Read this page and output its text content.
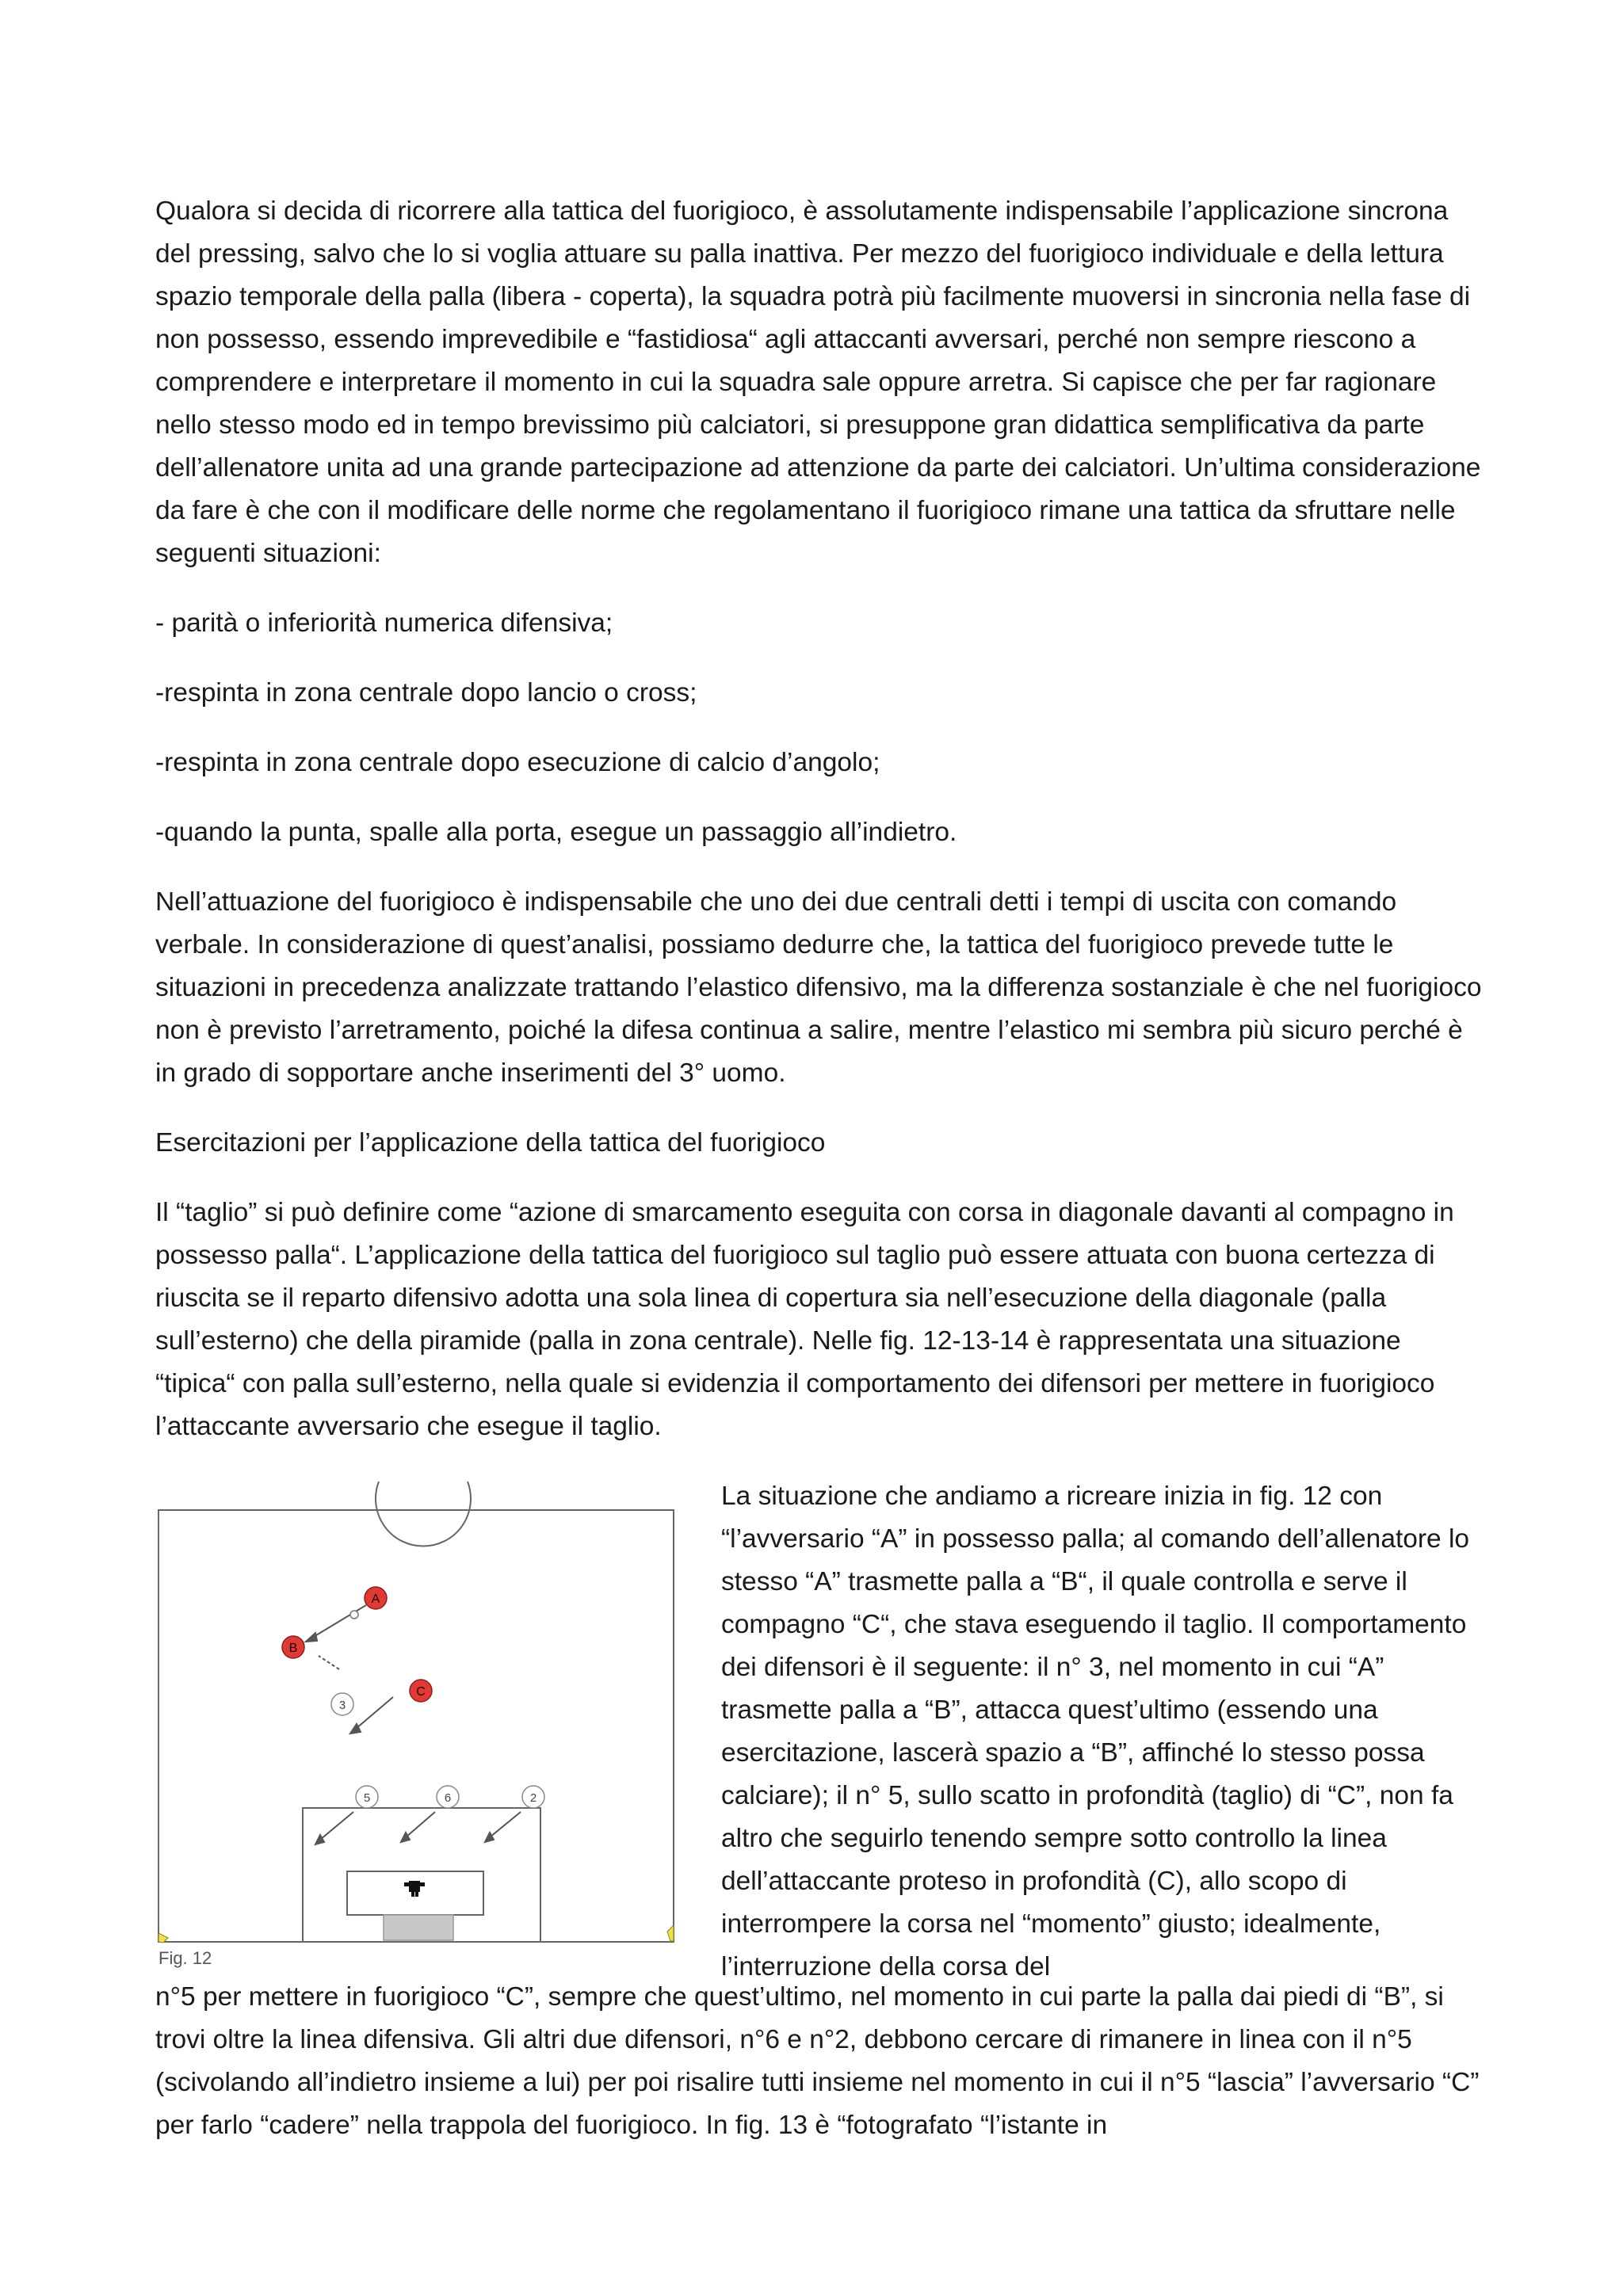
Qualora si decida di ricorrere alla tattica del fuorigioco, è assolutamente indispensabile l’applicazione sincrona del pressing, salvo che lo si voglia attuare su palla inattiva. Per mezzo del fuorigioco individuale e della lettura spazio temporale della palla (libera - coperta), la squadra potrà più facilmente muoversi in sincronia nella fase di non possesso, essendo imprevedibile e “fastidiosa“ agli attaccanti avversari, perché non sempre riescono a comprendere e interpretare il momento in cui la squadra sale oppure arretra. Si capisce che per far ragionare nello stesso modo ed in tempo brevissimo più calciatori, si presuppone gran didattica semplificativa da parte dell’allenatore unita ad una grande partecipazione ad attenzione da parte dei calciatori. Un’ultima considerazione da fare è che con il modificare delle norme che regolamentano il fuorigioco rimane una tattica da sfruttare nelle seguenti situazioni:

- parità o inferiorità numerica difensiva;
-respinta in zona centrale dopo lancio o cross;
-respinta in zona centrale dopo esecuzione di calcio d’angolo;
-quando la punta, spalle alla porta, esegue un passaggio all’indietro.

Nell’attuazione del fuorigioco è indispensabile che uno dei due centrali detti i tempi di uscita con comando verbale. In considerazione di quest’analisi, possiamo dedurre che, la tattica del fuorigioco prevede tutte le situazioni in precedenza analizzate trattando l’elastico difensivo, ma la differenza sostanziale è che nel fuorigioco non è previsto l’arretramento, poiché la difesa continua a salire, mentre l’elastico mi sembra più sicuro perché è in grado di sopportare anche inserimenti del 3° uomo.

Esercitazioni per l’applicazione della tattica del fuorigioco

Il “taglio” si può definire come “azione di smarcamento eseguita con corsa in diagonale davanti al compagno in possesso palla“. L’applicazione della tattica del fuorigioco sul taglio può essere attuata con buona certezza di riuscita se il reparto difensivo adotta una sola linea di copertura sia nell’esecuzione della diagonale (palla sull’esterno) che della piramide (palla in zona centrale). Nelle fig. 12-13-14 è rappresentata una situazione “tipica“ con palla sull’esterno, nella quale si evidenzia il comportamento dei difensori per mettere in fuorigioco l’attaccante avversario che esegue il taglio.

A
B
C
3
5	6	2
Fig. 12
La situazione che andiamo a ricreare inizia in fig. 12 con “l’avversario “A” in possesso palla; al comando dell’allenatore lo stesso “A” trasmette palla a “B“, il quale controlla e serve il compagno “C“, che stava eseguendo il taglio. Il comportamento dei difensori è il seguente: il n° 3, nel momento in cui “A” trasmette palla a “B”, attacca quest’ultimo (essendo una esercitazione, lascerà spazio a “B”, affinché lo stesso possa calciare); il n° 5, sullo scatto in profondità (taglio) di “C”, non fa altro che seguirlo tenendo sempre sotto controllo la linea dell’attaccante proteso in profondità (C), allo scopo di interrompere la corsa nel “momento” giusto; idealmente, l’interruzione della corsa del

n°5 per mettere in fuorigioco “C”, sempre che quest’ultimo, nel momento in cui parte la palla dai piedi di “B”, si trovi oltre la linea difensiva. Gli altri due difensori, n°6 e n°2, debbono cercare di rimanere in linea con il n°5 (scivolando all’indietro insieme a lui) per poi risalire tutti insieme nel momento in cui il n°5 “lascia” l’avversario “C” per farlo “cadere” nella trappola del fuorigioco. In fig. 13 è “fotografato “l’istante in
